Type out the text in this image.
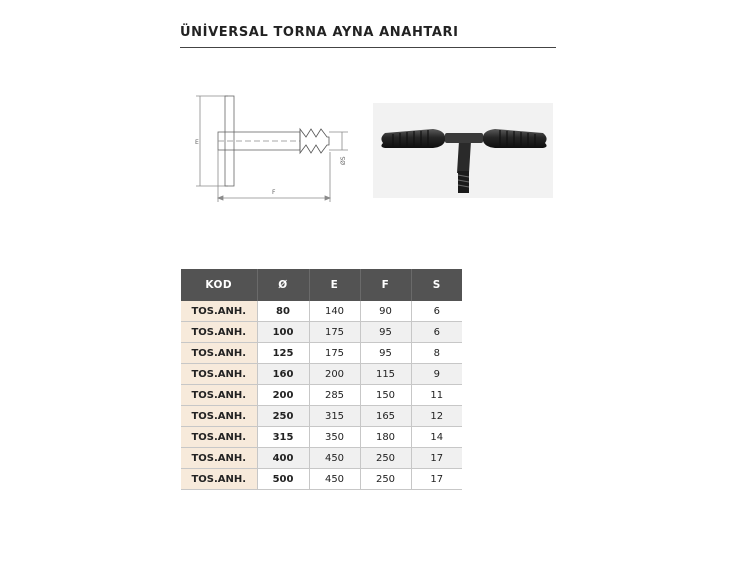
ÜNİVERSAL TORNA AYNA ANAHTARI
E
F
ØS
KOD	Ø	E	F	S
TOS.ANH.	80	140	90	6
TOS.ANH.	100	175	95	6
TOS.ANH.	125	175	95	8
TOS.ANH.	160	200	115	9
TOS.ANH.	200	285	150	11
TOS.ANH.	250	315	165	12
TOS.ANH.	315	350	180	14
TOS.ANH.	400	450	250	17
TOS.ANH.	500	450	250	17
